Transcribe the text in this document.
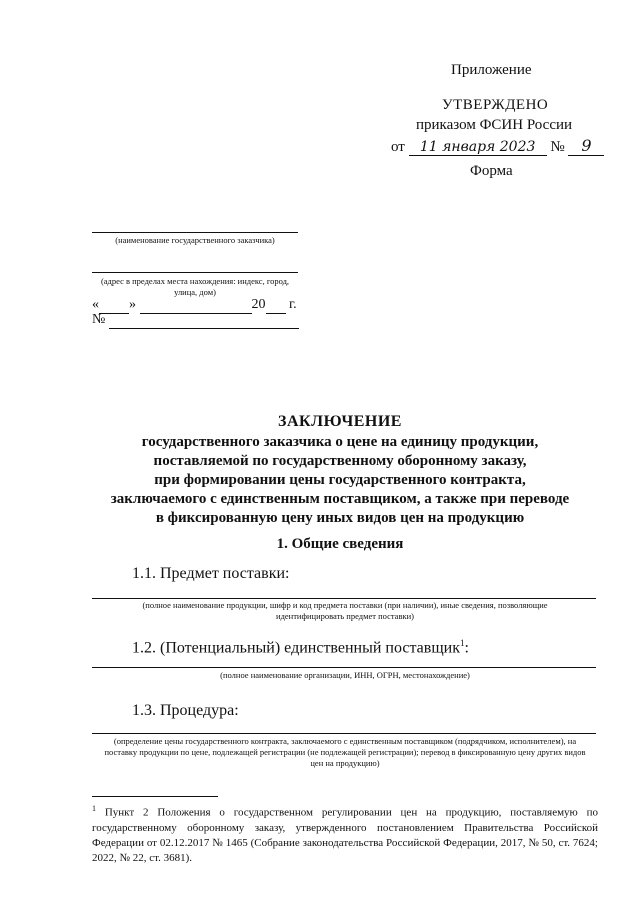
Приложение
УТВЕРЖДЕНО
приказом ФСИН России
от 11 января 2023 № 9
Форма
(наименование государственного заказчика)
(адрес в пределах места нахождения: индекс, город, улица, дом)
« »	20 г.
№
ЗАКЛЮЧЕНИЕ
государственного заказчика о цене на единицу продукции,
поставляемой по государственному оборонному заказу,
при формировании цены государственного контракта,
заключаемого с единственным поставщиком, а также при переводе
в фиксированную цену иных видов цен на продукцию
1. Общие сведения
1.1. Предмет поставки:
(полное наименование продукции, шифр и код предмета поставки (при наличии), иные сведения, позволяющие идентифицировать предмет поставки)
1.2. (Потенциальный) единственный поставщик$^1$:
(полное наименование организации, ИНН, ОГРН, местонахождение)
1.3. Процедура:
(определение цены государственного контракта, заключаемого с единственным поставщиком (подрядчиком, исполнителем), на поставку продукции по цене, подлежащей регистрации (не подлежащей регистрации); перевод в фиксированную цену других видов цен на продукцию)
$^1$ Пункт 2 Положения о государственном регулировании цен на продукцию, поставляемую по государственному оборонному заказу, утвержденного постановлением Правительства Российской Федерации от 02.12.2017 № 1465 (Собрание законодательства Российской Федерации, 2017, № 50, ст. 7624; 2022, № 22, ст. 3681).
